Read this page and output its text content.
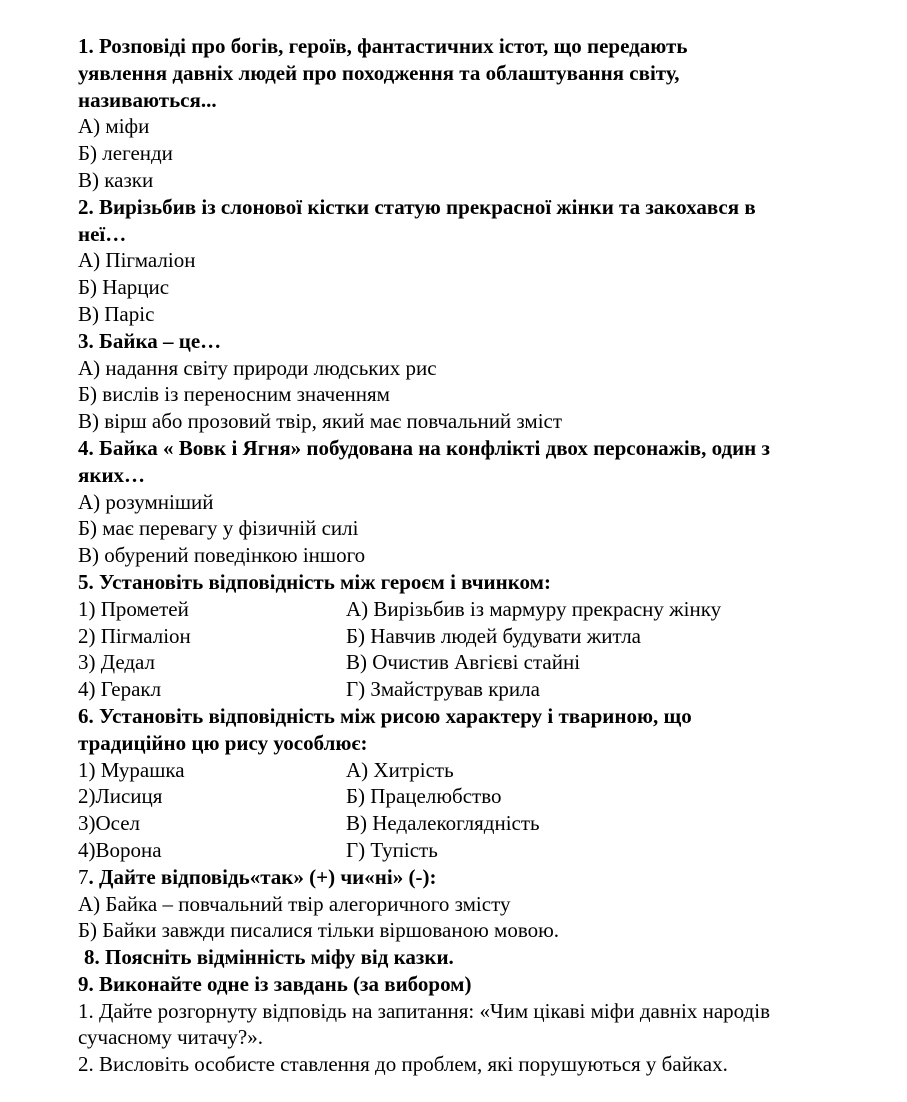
1. Розповіді про богів, героїв, фантастичних істот, що передають
уявлення давніх людей про походження та облаштування світу,
називаються...
А) міфи
Б) легенди
В) казки
2. Вирізьбив із слонової кістки статую прекрасної жінки та закохався в
неї…
А) Пігмаліон
Б) Нарцис
В) Паріс
3. Байка – це…
А) надання світу природи людських рис
Б) вислів із переносним значенням
В) вірш або прозовий твір, який має повчальний зміст
4. Байка « Вовк і Ягня» побудована на конфлікті двох персонажів, один з
яких…
А) розумніший
Б) має перевагу у фізичній силі
В) обурений поведінкою іншого
5. Установіть відповідність між героєм і вчинком:
1) Прометей	А) Вирізьбив із мармуру прекрасну жінку
2) Пігмаліон	Б) Навчив людей будувати житла
3) Дедал	В) Очистив Авгієві стайні
4) Геракл	Г) Змайстрував крила
6. Установіть відповідність між рисою характеру і твариною, що
традиційно цю рису уособлює:
1) Мурашка	А) Хитрість
2)Лисиця	Б) Працелюбство
3)Осел	В) Недалекоглядність
4)Ворона	Г) Тупість
7. Дайте відповідь«так» (+) чи«ні» (-):
А) Байка – повчальний твір алегоричного змісту
Б) Байки завжди писалися тільки віршованою мовою.
8. Поясніть відмінність міфу від казки.
9. Виконайте одне із завдань (за вибором)
1. Дайте розгорнуту відповідь на запитання: «Чим цікаві міфи давніх народів
сучасному читачу?».
2. Висловіть особисте ставлення до проблем, які порушуються у байках.
